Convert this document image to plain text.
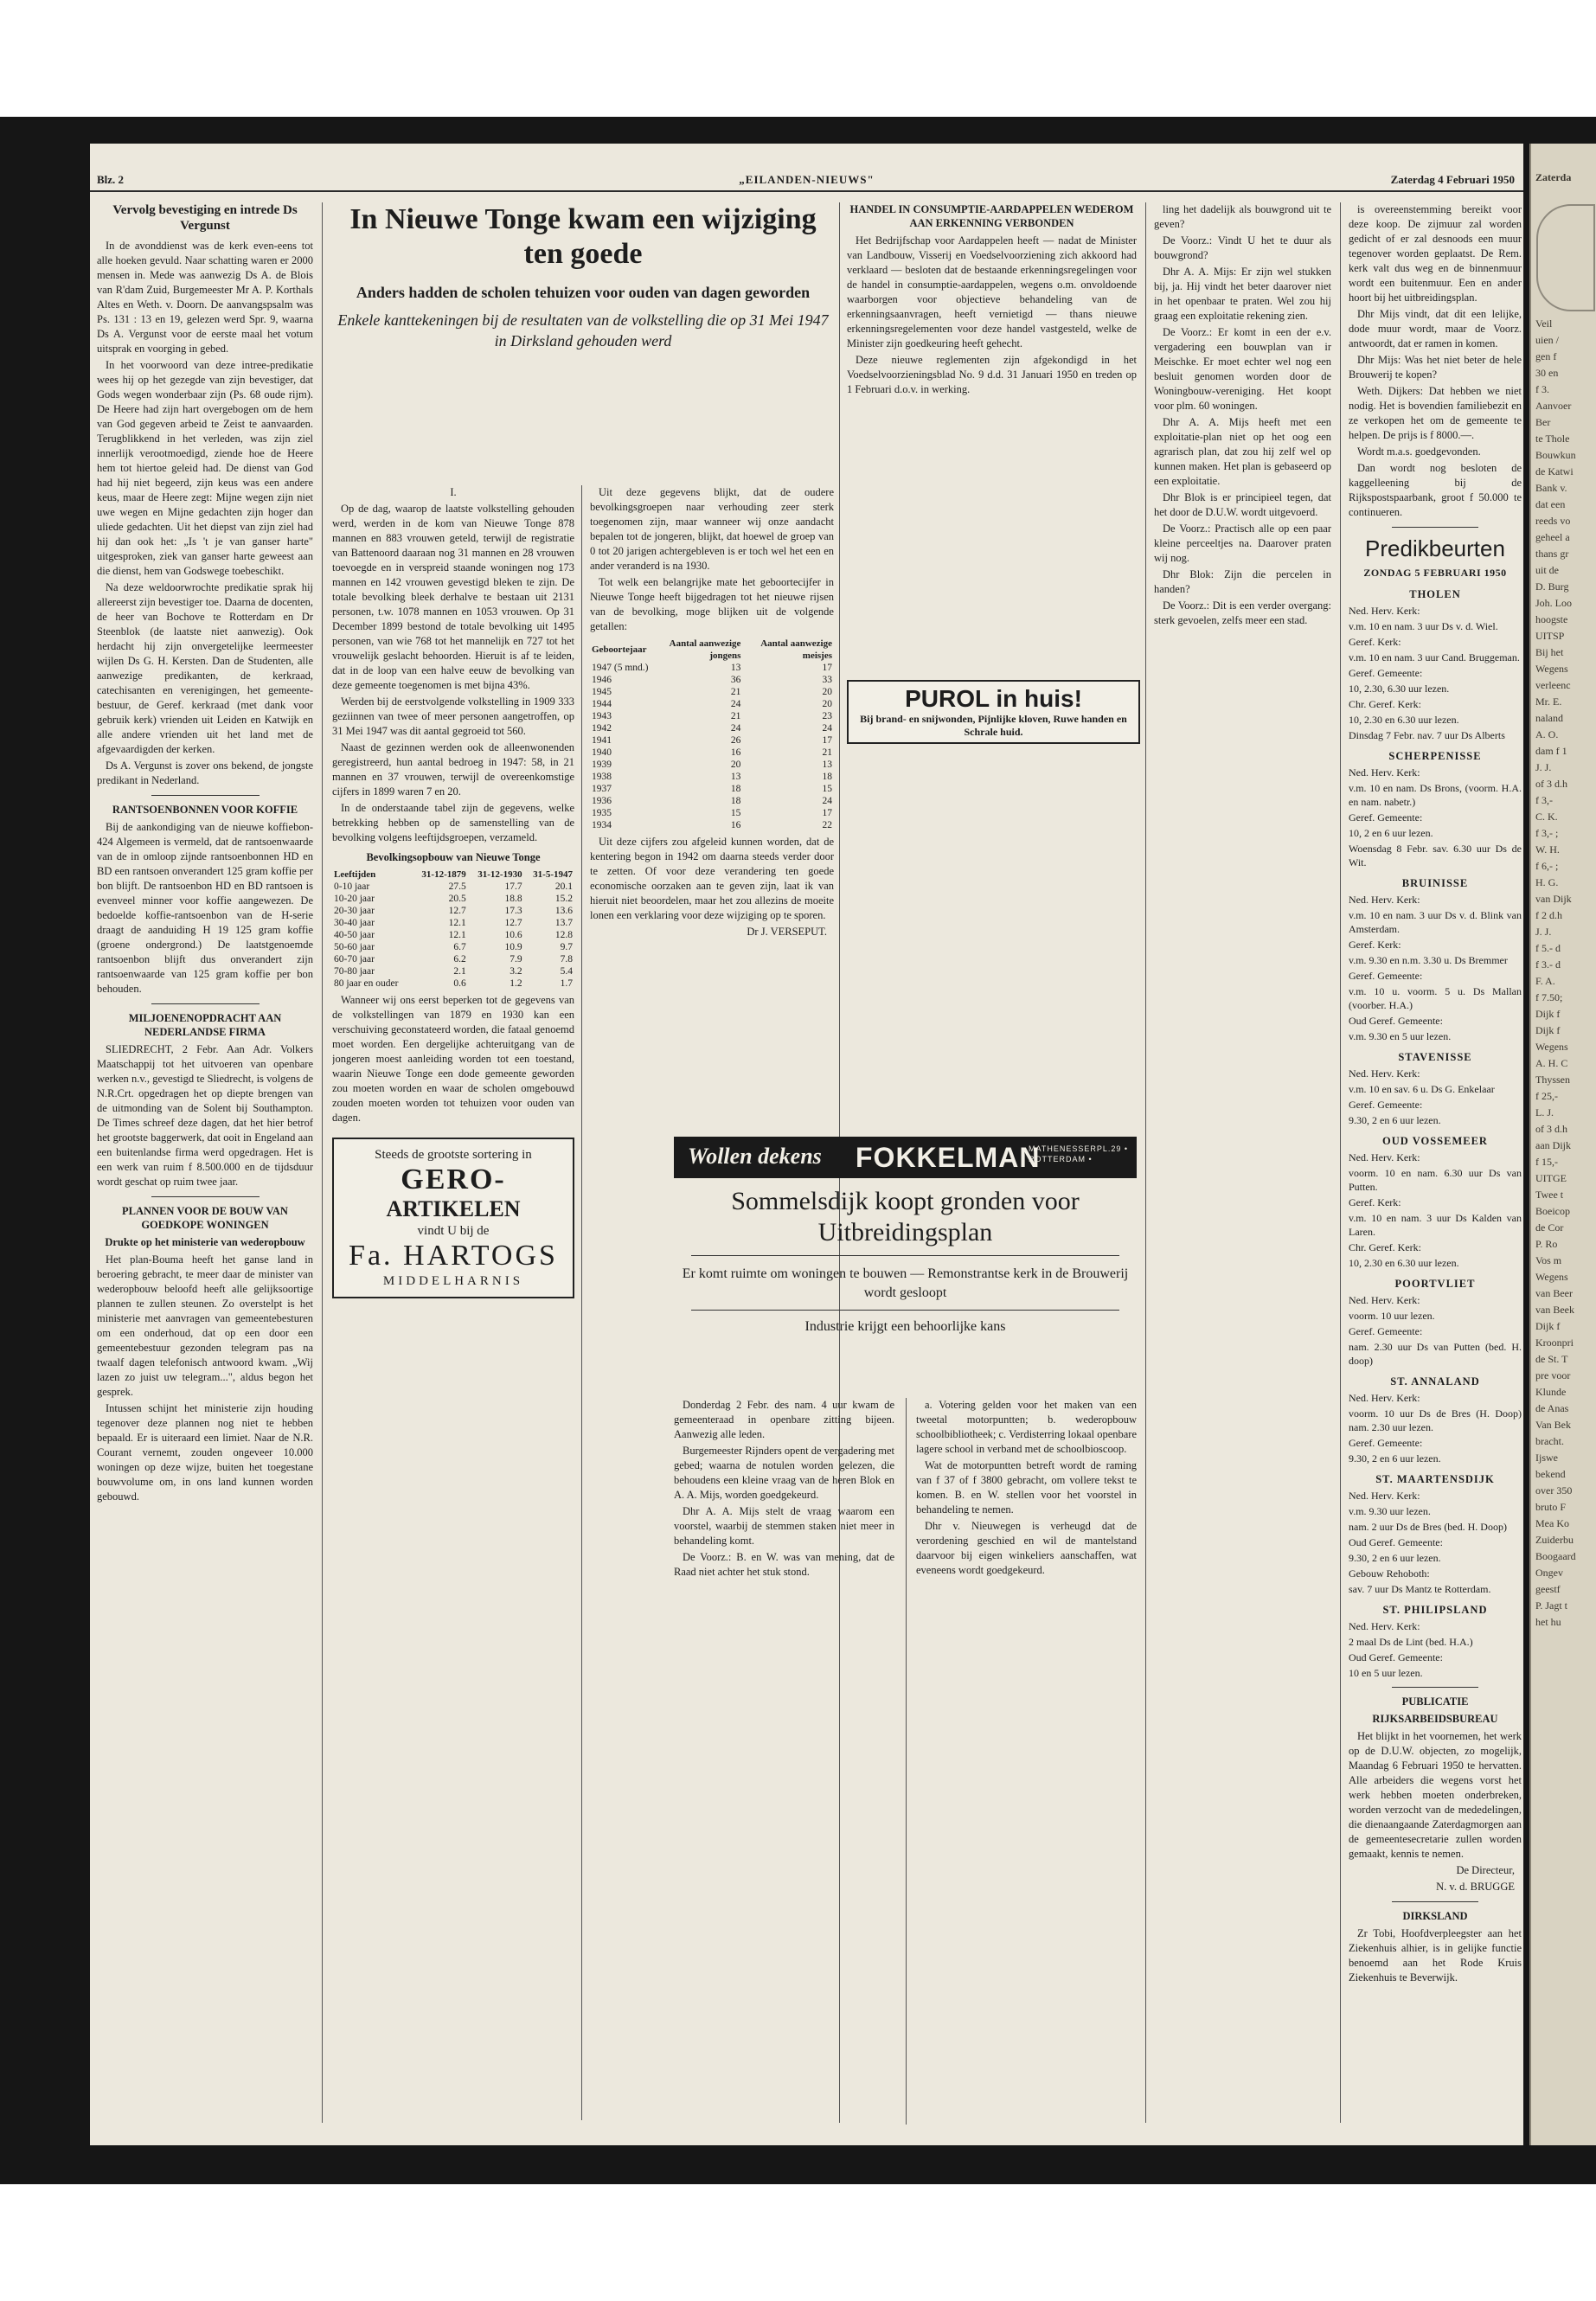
Blz. 2	„EILANDEN-NIEUWS"	Zaterdag 4 Februari 1950
Vervolg bevestiging en intrede Ds Vergunst

In de avonddienst was de kerk even-eens tot alle hoeken gevuld. Naar schatting waren er 2000 mensen in. Mede was aanwezig Ds A. de Blois van R'dam Zuid, Burgemeester Mr A. P. Korthals Altes en Weth. v. Doorn. De aanvangspsalm was Ps. 131 : 13 en 19, gelezen werd Spr. 9, waarna Ds A. Vergunst voor de eerste maal het votum uitsprak en voorging in gebed.

In het voorwoord van deze intree-predikatie wees hij op het gezegde van zijn bevestiger, dat Gods wegen wonderbaar zijn (Ps. 68 oude rijm). De Heere had zijn hart overgebogen om de hem van God gegeven arbeid te Zeist te aanvaarden. Terugblikkend in het verleden, was zijn ziel innerlijk verootmoedigd, ziende hoe de Heere hem tot hiertoe geleid had. De dienst van God had hij niet begeerd, zijn keus was een andere keus, maar de Heere zegt: Mijne wegen zijn niet uwe wegen en Mijne gedachten zijn hoger dan uliede gedachten. Uit het diepst van zijn ziel had hij dan ook het: „Is 't je van ganser harte" uitgesproken, ziek van ganser harte geweest aan die dienst, hem van Godswege toebeschikt.

Na deze weldoorwrochte predikatie sprak hij allereerst zijn bevestiger toe. Daarna de docenten, de heer van Bochove te Rotterdam en Dr Steenblok (de laatste niet aanwezig). Ook herdacht hij zijn onvergetelijke leermeester wijlen Ds G. H. Kersten. Dan de Studenten, alle aanwezige predikanten, de kerkraad, catechisanten en verenigingen, het gemeente-bestuur, de Geref. kerkraad (met dank voor gebruik kerk) vrienden uit Leiden en Katwijk en alle andere vrienden uit het land met de afgevaardigden der kerken.

Ds A. Vergunst is zover ons bekend, de jongste predikant in Nederland.

RANTSOENBONNEN VOOR KOFFIE

Bij de aankondiging van de nieuwe koffiebon-424 Algemeen is vermeld, dat de rantsoenwaarde van de in omloop zijnde rantsoenbonnen HD en BD een rantsoen onverandert 125 gram koffie per bon blijft. De rantsoenbon HD en BD rantsoen is evenveel minner voor koffie aangewezen. De bedoelde koffie-rantsoenbon van de H-serie draagt de aanduiding H 19 125 gram koffie (groene ondergrond.) De laatstgenoemde rantsoenbon blijft dus onverandert zijn rantsoenwaarde van 125 gram koffie per bon behouden.

MILJOENENOPDRACHT AAN NEDERLANDSE FIRMA

SLIEDRECHT, 2 Febr. Aan Adr. Volkers Maatschappij tot het uitvoeren van openbare werken n.v., gevestigd te Sliedrecht, is volgens de N.R.Crt. opgedragen het op diepte brengen van de uitmonding van de Solent bij Southampton. De Times schreef deze dagen, dat het hier betrof het grootste baggerwerk, dat ooit in Engeland aan een buitenlandse firma werd opgedragen. Het is een werk van ruim f 8.500.000 en de tijdsduur wordt geschat op ruim twee jaar.

PLANNEN VOOR DE BOUW VAN GOEDKOPE WONINGEN
Drukte op het ministerie van wederopbouw

Het plan-Bouma heeft het ganse land in beroering gebracht, te meer daar de minister van wederopbouw beloofd heeft alle gelijksoortige plannen te zullen steunen. Zo overstelpt is het ministerie met aanvragen van gemeentebesturen om een onderhoud, dat op een door een gemeentebestuur gezonden telegram pas na twaalf dagen telefonisch antwoord kwam. „Wij lazen zo juist uw telegram...", aldus begon het gesprek.

Intussen schijnt het ministerie zijn houding tegenover deze plannen nog niet te hebben bepaald. Er is uiteraard een limiet. Naar de N.R. Courant vernemt, zouden ongeveer 10.000 woningen op deze wijze, buiten het toegestane bouwvolume om, in ons land kunnen worden gebouwd.

In Nieuwe Tonge kwam een wijziging ten goede
Anders hadden de scholen tehuizen voor ouden van dagen geworden
Enkele kanttekeningen bij de resultaten van de volkstelling die op 31 Mei 1947 in Dirksland gehouden werd

I.

Op de dag, waarop de laatste volkstelling gehouden werd, werden in de kom van Nieuwe Tonge 878 mannen en 883 vrouwen geteld, terwijl de registratie van Battenoord daaraan nog 31 mannen en 28 vrouwen toevoegde en in verspreid staande woningen nog 173 mannen en 142 vrouwen gevestigd bleken te zijn. De totale bevolking bleek derhalve te bestaan uit 2131 personen, t.w. 1078 mannen en 1053 vrouwen. Op 31 December 1899 bestond de totale bevolking uit 1495 personen, van wie 768 tot het mannelijk en 727 tot het vrouwelijk geslacht behoorden. Hieruit is af te leiden, dat in de loop van een halve eeuw de bevolking van deze gemeente toegenomen is met bijna 43%.

Werden bij de eerstvolgende volkstelling in 1909 333 geziinnen van twee of meer personen aangetroffen, op 31 Mei 1947 was dit aantal gegroeid tot 560.

Naast de gezinnen werden ook de alleenwonenden geregistreerd, hun aantal bedroeg in 1947: 58, in 21 mannen en 37 vrouwen, terwijl de overeenkomstige cijfers in 1899 waren 7 en 20.

In de onderstaande tabel zijn de gegevens, welke betrekking hebben op de samenstelling van de bevolking volgens leeftijdsgroepen, verzameld.

Bevolkingsopbouw van Nieuwe Tonge

Leeftijden	31-12-1879	31-12-1930	31-5-1947
0-10 jaar	27.5	17.7	20.1
10-20 jaar	20.5	18.8	15.2
20-30 jaar	12.7	17.3	13.6
30-40 jaar	12.1	12.7	13.7
40-50 jaar	12.1	10.6	12.8
50-60 jaar	6.7	10.9	9.7
60-70 jaar	6.2	7.9	7.8
70-80 jaar	2.1	3.2	5.4
80 jaar en ouder	0.6	1.2	1.7

Wanneer wij ons eerst beperken tot de gegevens van de volkstellingen van 1879 en 1930 kan een verschuiving geconstateerd worden, die fataal genoemd moet worden. Een dergelijke achteruitgang van de jongeren moest aanleiding worden tot een toestand, waarin Nieuwe Tonge een dode gemeente geworden zou moeten worden en waar de scholen omgebouwd zouden moeten worden tot tehuizen voor ouden van dagen.

Steeds de grootste sortering in
GERO-
ARTIKELEN
vindt U bij de
Fa. HARTOGS
MIDDELHARNIS

Uit deze gegevens blijkt, dat de oudere bevolkingsgroepen naar verhouding zeer sterk toegenomen zijn, maar wanneer wij onze aandacht bepalen tot de jongeren, blijkt, dat hoewel de groep van 0 tot 20 jarigen achtergebleven is er toch wel het een en ander veranderd is na 1930.

Tot welk een belangrijke mate het geboortecijfer in Nieuwe Tonge heeft bijgedragen tot het nieuwe rijsen van de bevolking, moge blijken uit de volgende getallen:

Geboortejaar	Aantal aanwezige jongens	Aantal aanwezige meisjes
1947 (5 mnd.)	13	17
1946	36	33
1945	21	20
1944	24	20
1943	21	23
1942	24	24
1941	26	17
1940	16	21
1939	20	13
1938	13	18
1937	18	15
1936	18	24
1935	15	17
1934	16	22

Uit deze cijfers zou afgeleid kunnen worden, dat de kentering begon in 1942 om daarna steeds verder door te zetten. Of voor deze verandering ten goede economische oorzaken aan te geven zijn, laat ik van hieruit niet beoordelen, maar het zou allezins de moeite lonen een verklaring voor deze wijziging op te sporen.

Dr J. VERSEPUT.

HANDEL IN CONSUMPTIE-AARDAPPELEN WEDEROM AAN ERKENNING VERBONDEN

Het Bedrijfschap voor Aardappelen heeft — nadat de Minister van Landbouw, Visserij en Voedselvoorziening zich akkoord had verklaard — besloten dat de bestaande erkenningsregelingen voor de handel in consumptie-aardappelen, wegens o.m. onvoldoende waarborgen voor objectieve behandeling van de erkenningsaanvragen, heeft vernietigd — thans nieuwe erkenningsregelementen voor deze handel vastgesteld, welke de Minister zijn goedkeuring heeft gehecht.

Deze nieuwe reglementen zijn afgekondigd in het Voedselvoorzieningsblad No. 9 d.d. 31 Januari 1950 en treden op 1 Februari d.o.v. in werking.

PUROL in huis!
Bij brand- en snijwonden, Pijnlijke kloven, Ruwe handen en Schrale huid.
Wollen dekens FOKKELMAN
MATHENESSERPL.29 • ROTTERDAM •
Sommelsdijk koopt gronden voor Uitbreidingsplan
Er komt ruimte om woningen te bouwen — Remonstrantse kerk in de Brouwerij wordt gesloopt
Industrie krijgt een behoorlijke kans

Donderdag 2 Febr. des nam. 4 uur kwam de gemeenteraad in openbare zitting bijeen. Aanwezig alle leden.

Burgemeester Rijnders opent de vergadering met gebed; waarna de notulen worden gelezen, die behoudens een kleine vraag van de heren Blok en A. A. Mijs, worden goedgekeurd.

Dhr A. A. Mijs stelt de vraag waarom een voorstel, waarbij de stemmen staken niet meer in behandeling komt.

De Voorz.: B. en W. was van mening, dat de Raad niet achter het stuk stond.

a. Votering gelden voor het maken van een tweetal motorpuntten; b. wederopbouw schoolbibliotheek; c. Verdisterring lokaal openbare lagere school in verband met de schoolbioscoop.

Wat de motorpuntten betreft wordt de raming van f 37 of f 3800 gebracht, om vollere tekst te komen. B. en W. stellen voor het voorstel in behandeling te nemen.

Dhr v. Nieuwegen is verheugd dat de verordening geschied en wil de mantelstand daarvoor bij eigen winkeliers aanschaffen, wat eveneens wordt goedgekeurd.

ling het dadelijk als bouwgrond uit te geven?

De Voorz.: Vindt U het te duur als bouwgrond?

Dhr A. A. Mijs: Er zijn wel stukken bij, ja. Hij vindt het beter daarover niet in het openbaar te praten. Wel zou hij graag een exploitatie rekening zien.

De Voorz.: Er komt in een der e.v. vergadering een bouwplan van ir Meischke. Er moet echter wel nog een besluit genomen worden door de Woningbouw-vereniging. Het koopt voor plm. 60 woningen.

Dhr A. A. Mijs heeft met een exploitatie-plan niet op het oog een agrarisch plan, dat zou hij zelf wel op kunnen maken. Het plan is gebaseerd op een exploitatie.

Dhr Blok is er principieel tegen, dat het door de D.U.W. wordt uitgevoerd.

De Voorz.: Practisch alle op een paar kleine perceeltjes na. Daarover praten wij nog.

Dhr Blok: Zijn die percelen in handen?

De Voorz.: Dit is een verder overgang: sterk gevoelen, zelfs meer een stad.

is overeenstemming bereikt voor deze koop. De zijmuur zal worden gedicht of er zal desnoods een muur tegenover worden geplaatst. De Rem. kerk valt dus weg en de binnenmuur wordt een buitenmuur. Een en ander hoort bij het uitbreidingsplan.

Dhr Mijs vindt, dat dit een lelijke, dode muur wordt, maar de Voorz. antwoordt, dat er ramen in komen.

Dhr Mijs: Was het niet beter de hele Brouwerij te kopen?

Weth. Dijkers: Dat hebben we niet nodig. Het is bovendien familiebezit en ze verkopen het om de gemeente te helpen. De prijs is f 8000.—.

Wordt m.a.s. goedgevonden.

Dan wordt nog besloten de kaggelleening bij de Rijkspostspaarbank, groot f 50.000 te continueren.

Predikbeurten
ZONDAG 5 FEBRUARI 1950
THOLEN

Ned. Herv. Kerk:

v.m. 10 en nam. 3 uur Ds v. d. Wiel.

Geref. Kerk:

v.m. 10 en nam. 3 uur Cand. Bruggeman.

Geref. Gemeente:

10, 2.30, 6.30 uur lezen.

Chr. Geref. Kerk:

10, 2.30 en 6.30 uur lezen.

Dinsdag 7 Febr. nav. 7 uur Ds Alberts

SCHERPENISSE

Ned. Herv. Kerk:

v.m. 10 en nam. Ds Brons, (voorm. H.A. en nam. nabetr.)

Geref. Gemeente:

10, 2 en 6 uur lezen.

Woensdag 8 Febr. sav. 6.30 uur Ds de Wit.

BRUINISSE

Ned. Herv. Kerk:

v.m. 10 en nam. 3 uur Ds v. d. Blink van Amsterdam.

Geref. Kerk:

v.m. 9.30 en n.m. 3.30 u. Ds Bremmer

Geref. Gemeente:

v.m. 10 u. voorm. 5 u. Ds Mallan (voorber. H.A.)

Oud Geref. Gemeente:

v.m. 9.30 en 5 uur lezen.

STAVENISSE

Ned. Herv. Kerk:

v.m. 10 en sav. 6 u. Ds G. Enkelaar

Geref. Gemeente:

9.30, 2 en 6 uur lezen.

OUD VOSSEMEER

Ned. Herv. Kerk:

voorm. 10 en nam. 6.30 uur Ds van Putten.

Geref. Kerk:

v.m. 10 en nam. 3 uur Ds Kalden van Laren.

Chr. Geref. Kerk:

10, 2.30 en 6.30 uur lezen.

POORTVLIET

Ned. Herv. Kerk:

voorm. 10 uur lezen.

Geref. Gemeente:

nam. 2.30 uur Ds van Putten (bed. H. doop)

ST. ANNALAND

Ned. Herv. Kerk:

voorm. 10 uur Ds de Bres (H. Doop) nam. 2.30 uur lezen.

Geref. Gemeente:

9.30, 2 en 6 uur lezen.

ST. MAARTENSDIJK

Ned. Herv. Kerk:

v.m. 9.30 uur lezen.

nam. 2 uur Ds de Bres (bed. H. Doop)

Oud Geref. Gemeente:

9.30, 2 en 6 uur lezen.

Gebouw Rehoboth:

sav. 7 uur Ds Mantz te Rotterdam.

ST. PHILIPSLAND

Ned. Herv. Kerk:

2 maal Ds de Lint (bed. H.A.)

Oud Geref. Gemeente:

10 en 5 uur lezen.

PUBLICATIE
RIJKSARBEIDSBUREAU

Het blijkt in het voornemen, het werk op de D.U.W. objecten, zo mogelijk, Maandag 6 Februari 1950 te hervatten. Alle arbeiders die wegens vorst het werk hebben moeten onderbreken, worden verzocht van de mededelingen, die dienaangaande Zaterdagmorgen aan de gemeentesecretarie zullen worden gemaakt, kennis te nemen.

De Directeur,

N. v. d. BRUGGE

DIRKSLAND

Zr Tobi, Hoofdverpleegster aan het Ziekenhuis alhier, is in gelijke functie benoemd aan het Rode Kruis Ziekenhuis te Beverwijk.

Zaterda
Veil
uien /
gen f
30 en
f 3.
Aanvoer
Ber
te Thole
Bouwkun
de Katwi
Bank v.
dat een
reeds vo
geheel a
thans gr
uit de
D. Burg
Joh. Loo
hoogste
UITSP
Bij het
Wegens
verleenc
Mr. E.
naland
A. O.
dam f 1
J. J.
of 3 d.h
f 3,-
C. K.
f 3,- ;
W. H.
f 6,- ;
H. G.
van Dijk
f 2 d.h
J. J.
f 5.- d
f 3.- d
F. A.
f 7.50;
Dijk f
Dijk f
Wegens
A. H. C
Thyssen
f 25,-
L. J.
of 3 d.h
aan Dijk
f 15,-
UITGE
Twee t
Boeicop
de Cor
P. Ro
Vos m
Wegens
van Beer
van Beek
Dijk f
Kroonpri
de St. T
pre voor
Klunde
de Anas
Van Bek
bracht.
Ijswe
bekend
over 350
bruto F
Mea Ko
Zuiderbu
Boogaard
Ongev
geestf
P. Jagt t
het hu
